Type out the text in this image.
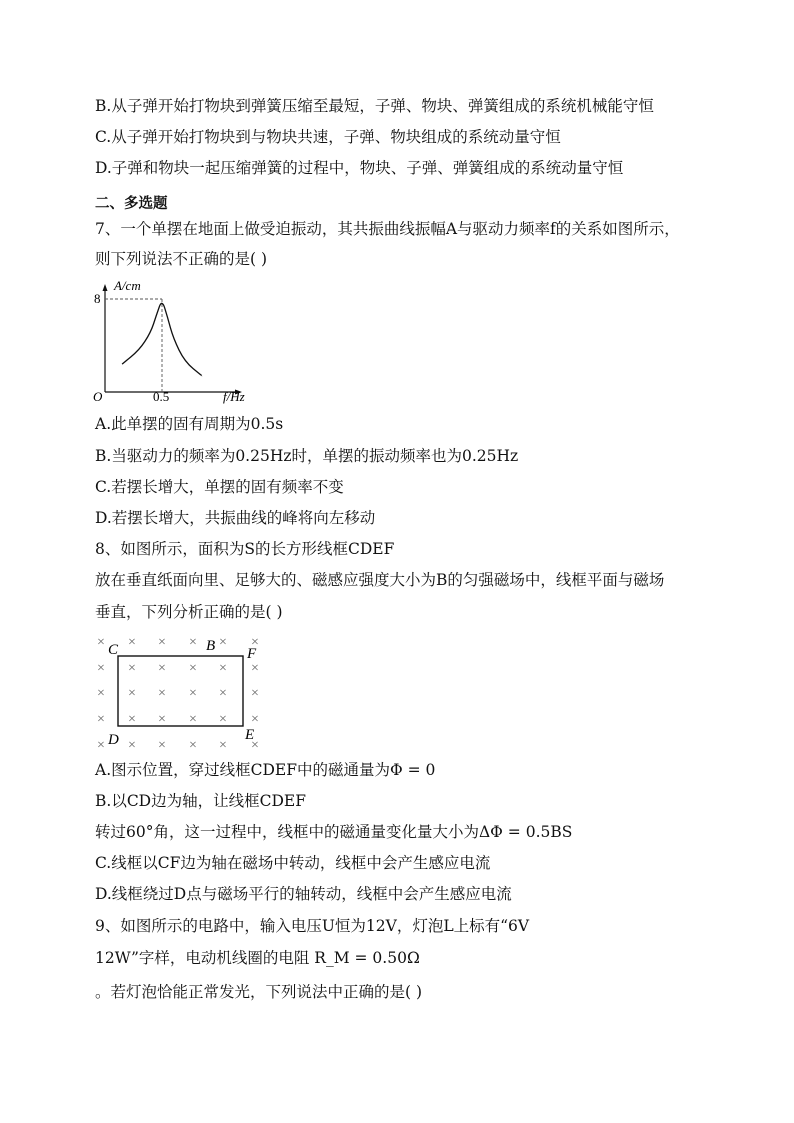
B.从子弹开始打物块到弹簧压缩至最短，子弹、物块、弹簧组成的系统机械能守恒
C.从子弹开始打物块到与物块共速，子弹、物块组成的系统动量守恒
D.子弹和物块一起压缩弹簧的过程中，物块、子弹、弹簧组成的系统动量守恒
二、多选题
7、一个单摆在地面上做受迫振动，其共振曲线振幅A与驱动力频率f的关系如图所示，
则下列说法不正确的是( )
A/cm
8
O	0.5	f/Hz
A.此单摆的固有周期为0.5s
B.当驱动力的频率为0.25Hz时，单摆的振动频率也为0.25Hz
C.若摆长增大，单摆的固有频率不变
D.若摆长增大，共振曲线的峰将向左移动
8、如图所示，面积为S的长方形线框CDEF
放在垂直纸面向里、足够大的、磁感应强度大小为B的匀强磁场中，线框平面与磁场
垂直，下列分析正确的是( )
× × × × × ×
× × × × × ×
× × × × × ×
× × × × × ×
× × × × × ×
C	B F
D	E
A.图示位置，穿过线框CDEF中的磁通量为Φ = 0
B.以CD边为轴，让线框CDEF
转过60°角，这一过程中，线框中的磁通量变化量大小为ΔΦ = 0.5BS
C.线框以CF边为轴在磁场中转动，线框中会产生感应电流
D.线框绕过D点与磁场平行的轴转动，线框中会产生感应电流
9、如图所示的电路中，输入电压U恒为12V，灯泡L上标有“6V
12W”字样，电动机线圈的电阻 R_M = 0.50Ω
。若灯泡恰能正常发光，下列说法中正确的是( )
